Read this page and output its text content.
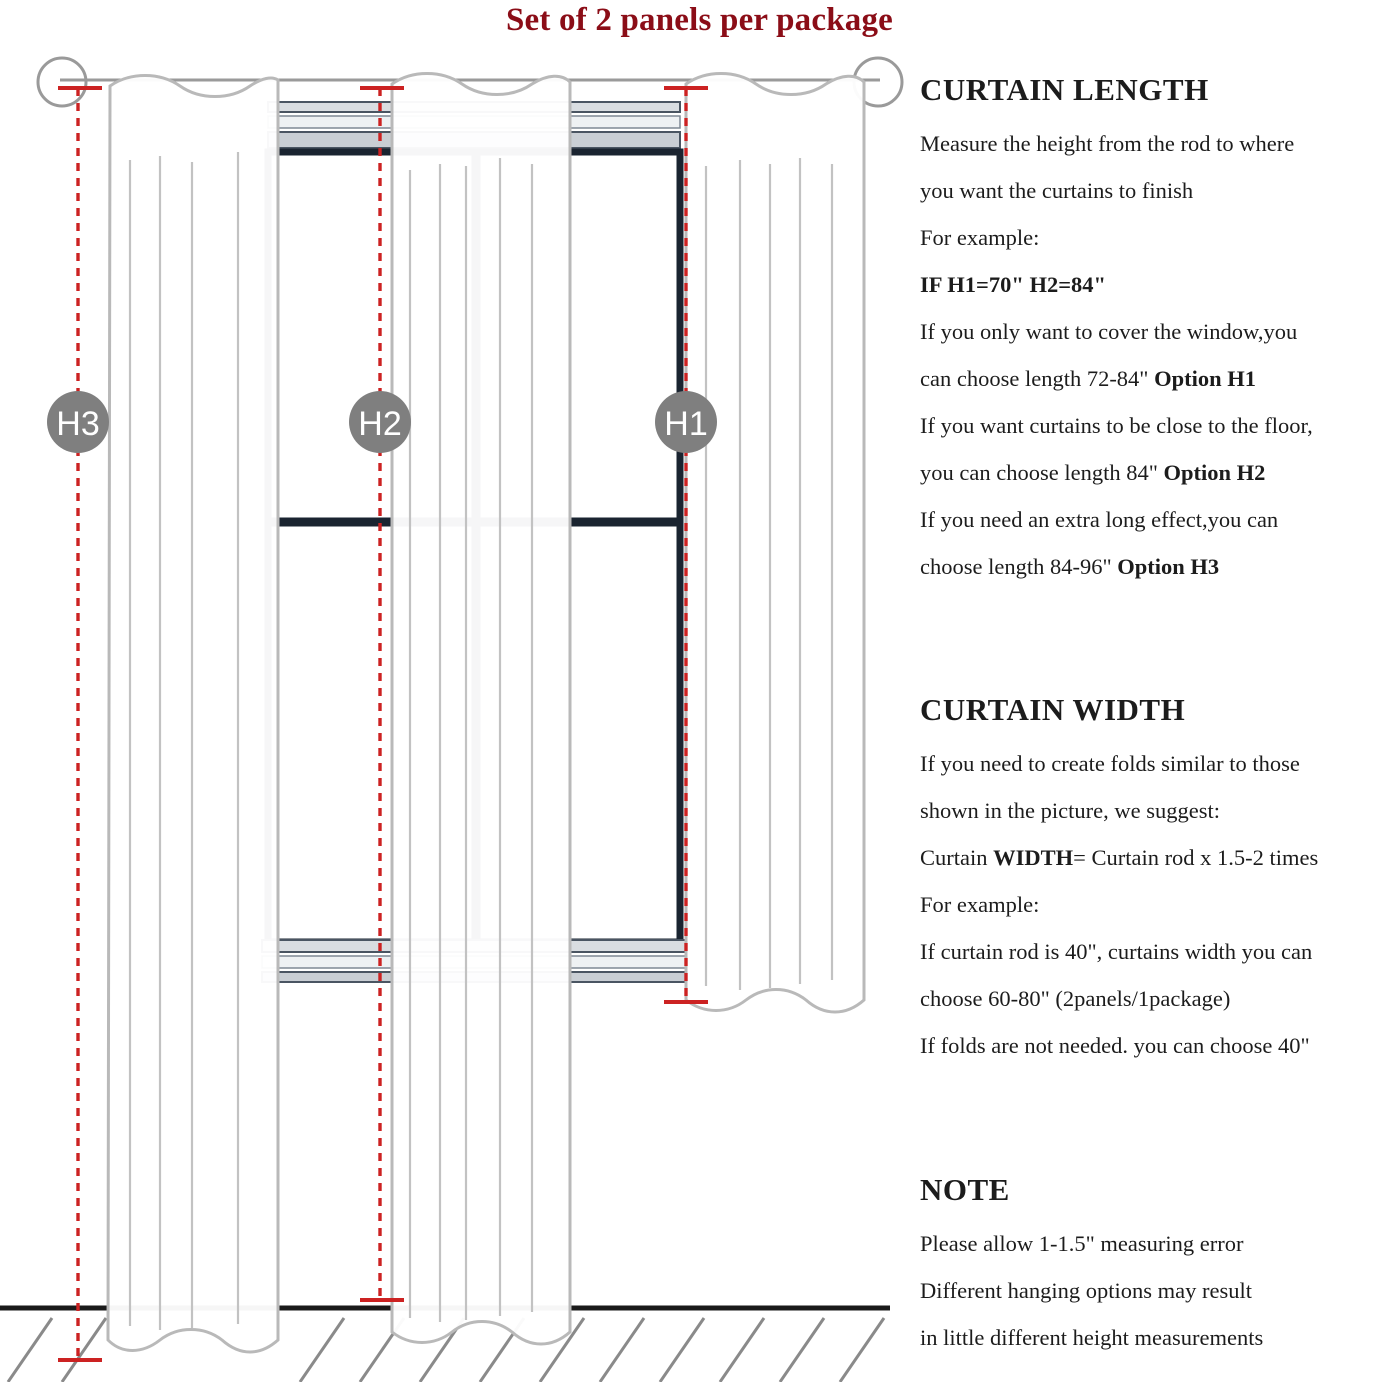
Set of 2 panels per package
H3	H2	H1
CURTAIN LENGTH
Measure the height from the rod to where
you want the curtains to finish
For example:
IF H1=70" H2=84"
If you only want to cover the window,you
can choose length 72-84" Option H1
If you want curtains to be close to the floor,
you can choose length 84" Option H2
If you need an extra long effect,you can
choose length 84-96" Option H3
CURTAIN WIDTH
If you need to create folds similar to those
shown in the picture, we suggest:
Curtain WIDTH= Curtain rod x 1.5-2 times
For example:
If curtain rod is 40", curtains width you can
choose 60-80" (2panels/1package)
If folds are not needed. you can choose 40"
NOTE
Please allow 1-1.5" measuring error
Different hanging options may result
in little different height measurements
